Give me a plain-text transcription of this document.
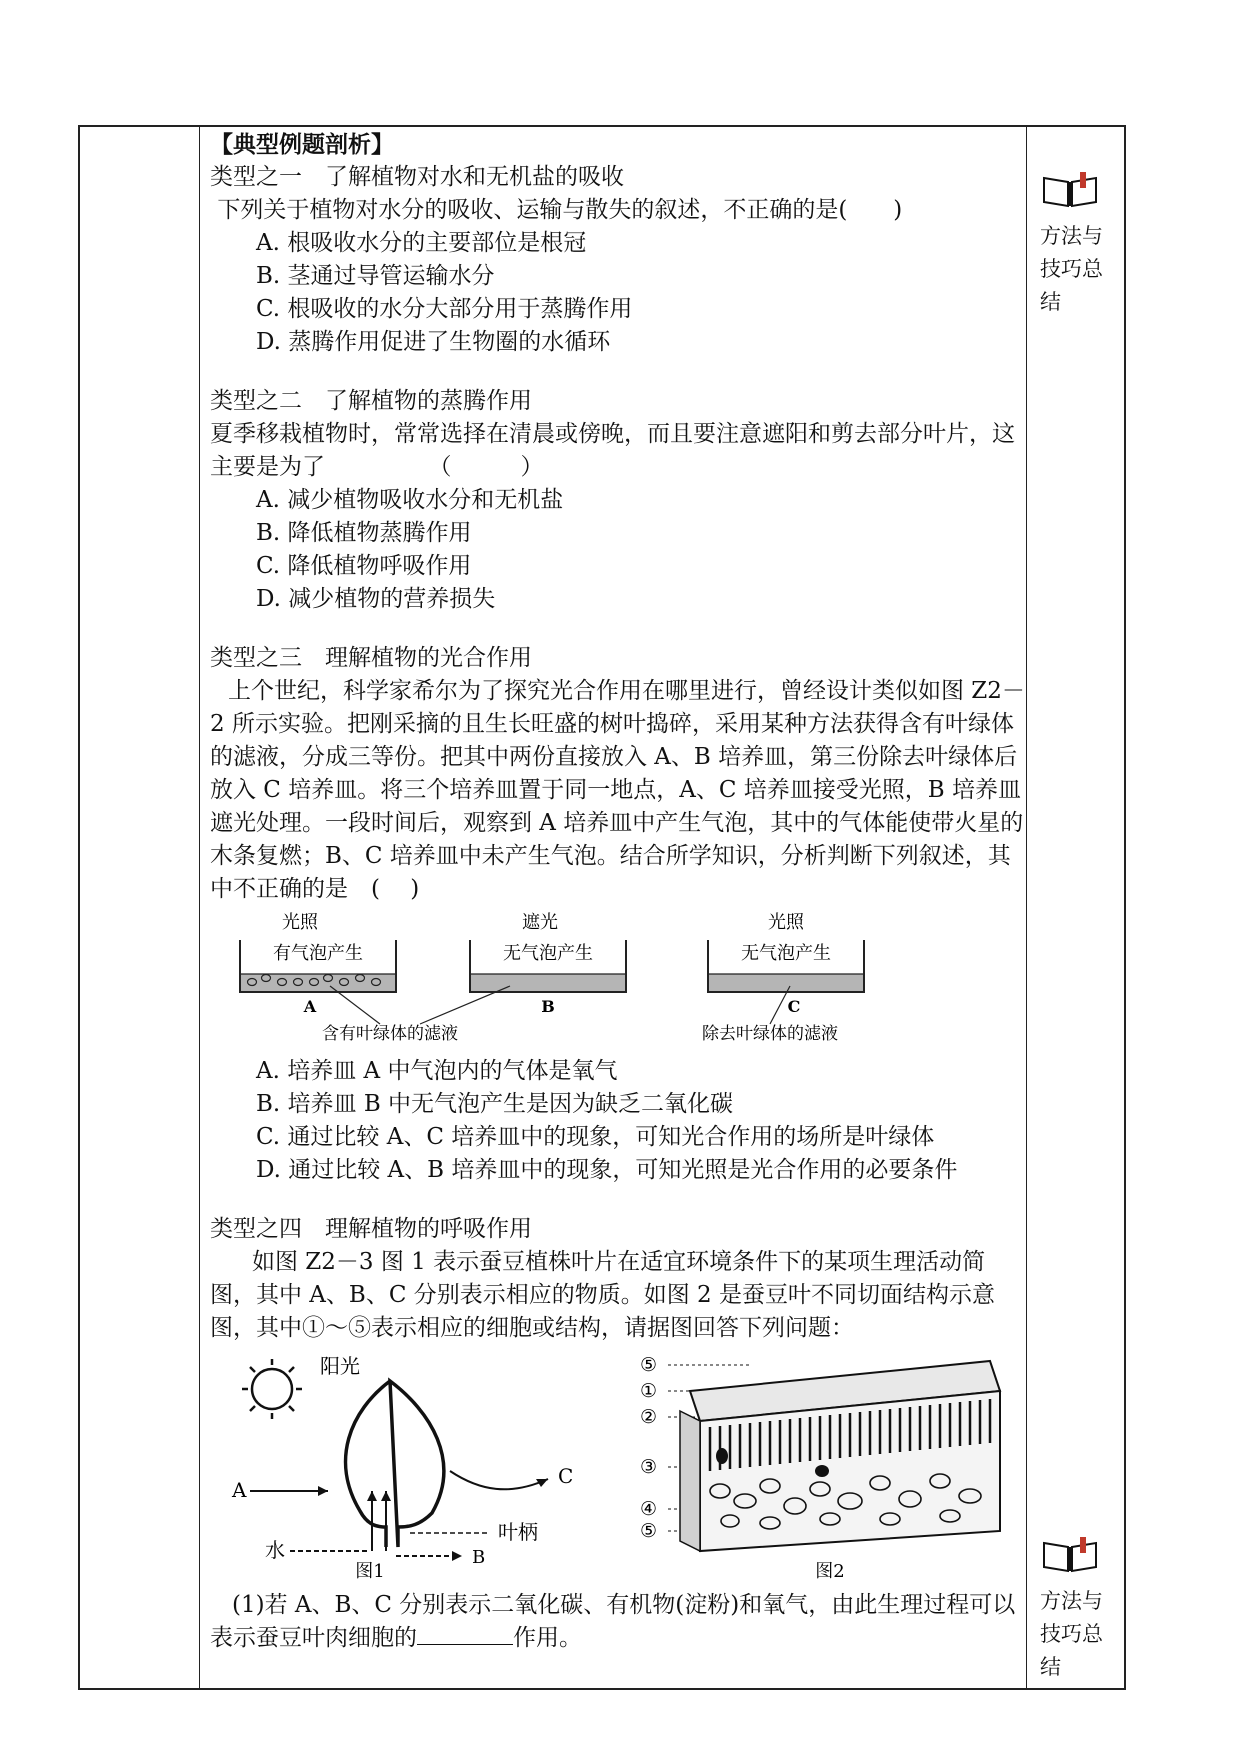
【典型例题剖析】

类型之一　了解植物对水和无机盐的吸收

下列关于植物对水分的吸收、运输与散失的叙述，不正确的是(　　)

A. 根吸收水分的主要部位是根冠

B. 茎通过导管运输水分

C. 根吸收的水分大部分用于蒸腾作用

D. 蒸腾作用促进了生物圈的水循环

类型之二　了解植物的蒸腾作用

夏季移栽植物时，常常选择在清晨或傍晚，而且要注意遮阳和剪去部分叶片，这主要是为了　　　　　（　　　）

A. 减少植物吸收水分和无机盐

B. 降低植物蒸腾作用

C. 降低植物呼吸作用

D. 减少植物的营养损失

类型之三　理解植物的光合作用

上个世纪，科学家希尔为了探究光合作用在哪里进行，曾经设计类似如图 Z2－2 所示实验。把刚采摘的且生长旺盛的树叶捣碎，采用某种方法获得含有叶绿体的滤液，分成三等份。把其中两份直接放入 A、B 培养皿，第三份除去叶绿体后放入 C 培养皿。将三个培养皿置于同一地点，A、C 培养皿接受光照，B 培养皿遮光处理。一段时间后，观察到 A 培养皿中产生气泡，其中的气体能使带火星的木条复燃；B、C 培养皿中未产生气泡。结合所学知识，分析判断下列叙述，其中不正确的是　(　 )

光照
有气泡产生
A
遮光
无气泡产生
B
光照
无气泡产生
C
含有叶绿体的滤液	除去叶绿体的滤液

A. 培养皿 A 中气泡内的气体是氧气

B. 培养皿 B 中无气泡产生是因为缺乏二氧化碳

C. 通过比较 A、C 培养皿中的现象，可知光合作用的场所是叶绿体

D. 通过比较 A、B 培养皿中的现象，可知光照是光合作用的必要条件

类型之四　理解植物的呼吸作用

如图 Z2－3 图 1 表示蚕豆植株叶片在适宜环境条件下的某项生理活动简图，其中 A、B、C 分别表示相应的物质。如图 2 是蚕豆叶不同切面结构示意图，其中①～⑤表示相应的细胞或结构，请据图回答下列问题：

阳光
A
C
水	B
叶柄
图1
⑤
①
②
③
④
⑤
图2

(1)若 A、B、C 分别表示二氧化碳、有机物(淀粉)和氧气，由此生理过程可以表示蚕豆叶肉细胞的	作用。

方法与技巧总结
方法与技巧总结
